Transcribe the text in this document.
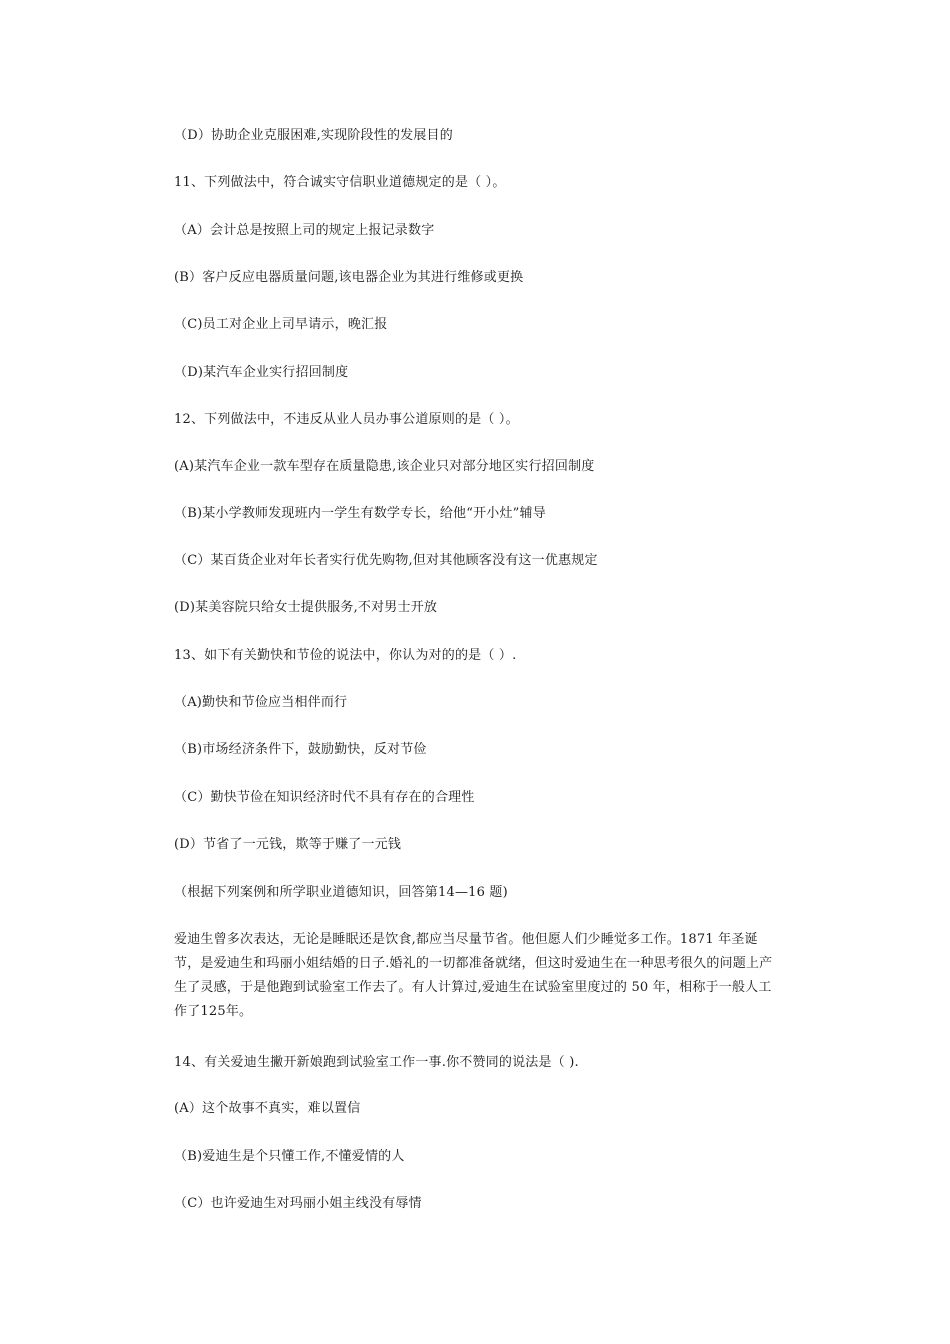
（D）协助企业克服困难,实现阶段性的发展目的
11、下列做法中，符合诚实守信职业道德规定的是（ ）。
（A）会计总是按照上司的规定上报记录数字
(B）客户反应电器质量问题,该电器企业为其进行维修或更换
（C)员工对企业上司早请示，晚汇报
（D)某汽车企业实行招回制度
12、下列做法中，不违反从业人员办事公道原则的是（ ）。
(A)某汽车企业一款车型存在质量隐患,该企业只对部分地区实行招回制度
（B)某小学教师发现班内一学生有数学专长，给他“开小灶”辅导
（C）某百货企业对年长者实行优先购物,但对其他顾客没有这一优惠规定
(D)某美容院只给女士提供服务,不对男士开放
13、如下有关勤快和节俭的说法中，你认为对的的是（ ）.
（A)勤快和节俭应当相伴而行
（B)市场经济条件下，鼓励勤快，反对节俭
（C）勤快节俭在知识经济时代不具有存在的合理性
(D）节省了一元钱，欺等于赚了一元钱
（根据下列案例和所学职业道德知识，回答第14—16 题)

爱迪生曾多次表达，无论是睡眠还是饮食,都应当尽量节省。他但愿人们少睡觉多工作。1871 年圣诞

节，是爱迪生和玛丽小姐结婚的日子.婚礼的一切都准备就绪，但这时爱迪生在一种思考很久的问题上产

生了灵感，于是他跑到试验室工作去了。有人计算过,爱迪生在试验室里度过的 50 年，相称于一般人工

作了125年。

14、有关爱迪生撇开新娘跑到试验室工作一事.你不赞同的说法是（ ).
(A）这个故事不真实，难以置信
（B)爱迪生是个只懂工作,不懂爱情的人
（C）也许爱迪生对玛丽小姐主线没有辱情
